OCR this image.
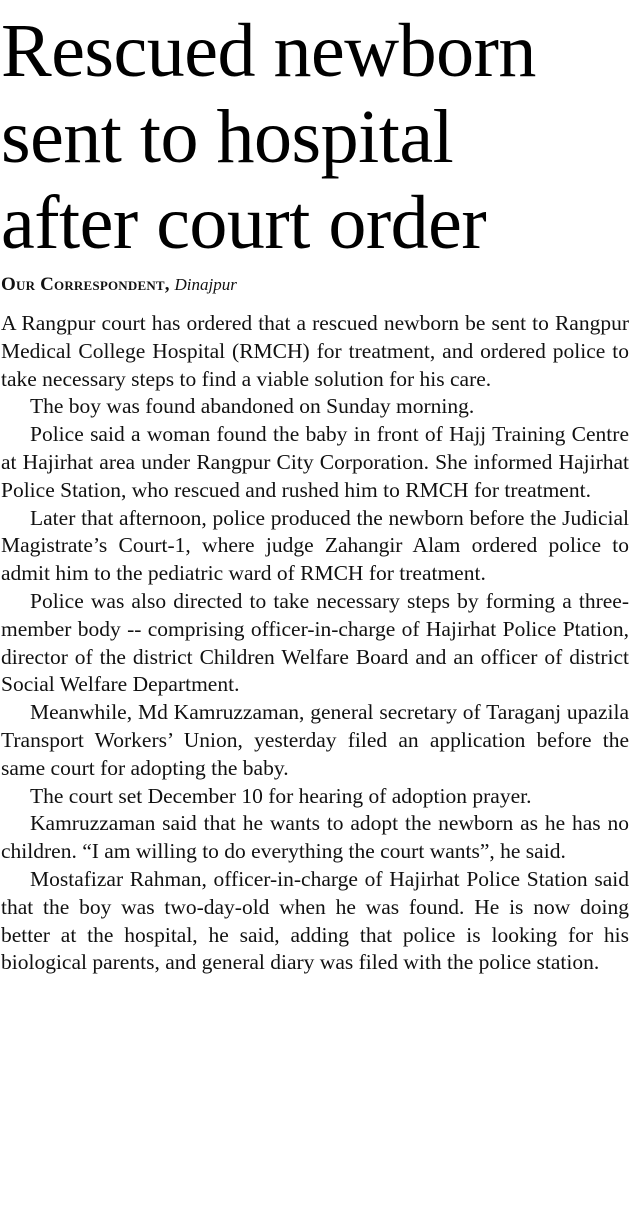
Rescued newborn
sent to hospital
after court order
Our Correspondent, Dinajpur

A Rangpur court has ordered that a rescued newborn be sent to Rangpur Medical College Hospital (RMCH) for treatment, and ordered police to take necessary steps to find a viable solution for his care.

The boy was found abandoned on Sunday morning.

Police said a woman found the baby in front of Hajj Training Centre at Hajirhat area under Rangpur City Corporation. She informed Hajirhat Police Station, who rescued and rushed him to RMCH for treatment.

Later that afternoon, police produced the newborn before the Judicial Magistrate’s Court-1, where judge Zahangir Alam ordered police to admit him to the pediatric ward of RMCH for treatment.

Police was also directed to take necessary steps by forming a three-member body -- comprising officer-in-charge of Hajirhat Police Ptation, director of the district Children Welfare Board and an officer of district Social Welfare Department.

Meanwhile, Md Kamruzzaman, general secretary of Taraganj upazila Transport Workers’ Union, yesterday filed an application before the same court for adopting the baby.

The court set December 10 for hearing of adoption prayer.

Kamruzzaman said that he wants to adopt the newborn as he has no children. “I am willing to do everything the court wants”, he said.

Mostafizar Rahman, officer-in-charge of Hajirhat Police Station said that the boy was two-day-old when he was found. He is now doing better at the hospital, he said, adding that police is looking for his biological parents, and general diary was filed with the police station.
